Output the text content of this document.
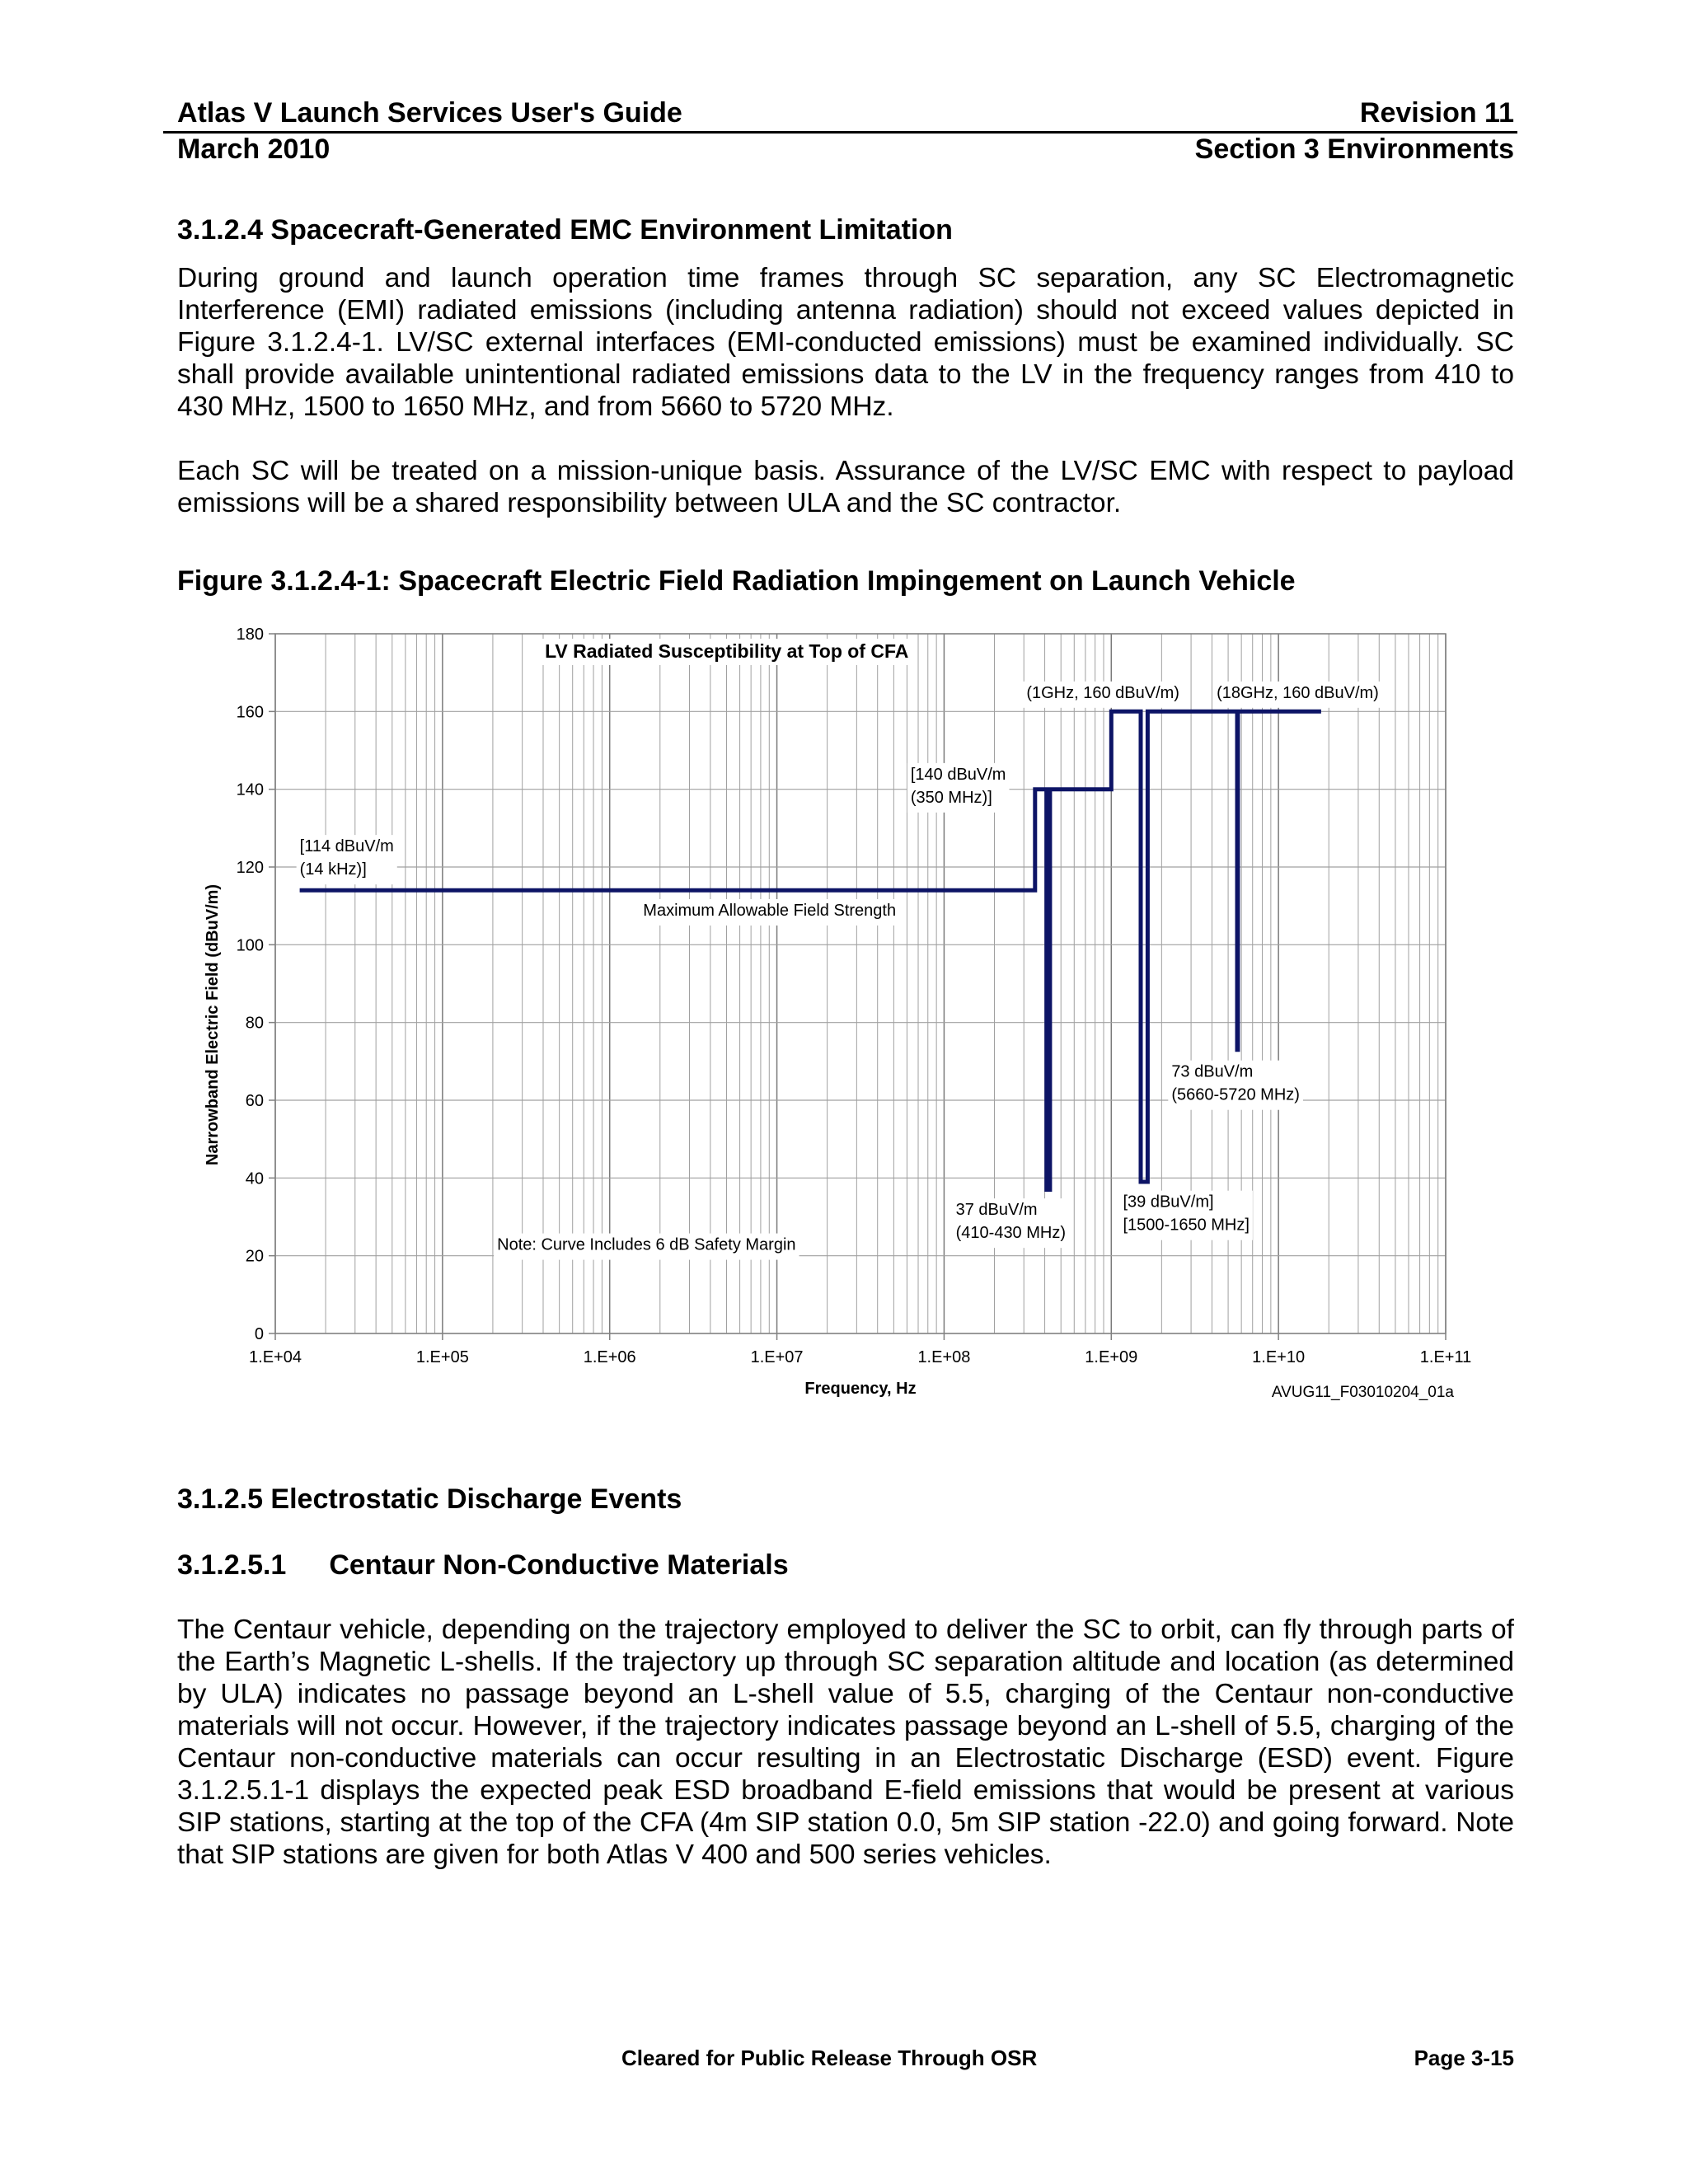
Atlas V Launch Services User's Guide	Revision 11
March 2010	Section 3 Environments
3.1.2.4 Spacecraft-Generated EMC Environment Limitation
During ground and launch operation time frames through SC separation, any SC Electromagnetic Interference (EMI) radiated emissions (including antenna radiation) should not exceed values depicted in Figure 3.1.2.4-1. LV/SC external interfaces (EMI-conducted emissions) must be examined individually. SC shall provide available unintentional radiated emissions data to the LV in the frequency ranges from 410 to 430 MHz, 1500 to 1650 MHz, and from 5660 to 5720 MHz.
Each SC will be treated on a mission-unique basis. Assurance of the LV/SC EMC with respect to payload emissions will be a shared responsibility between ULA and the SC contractor.
Figure 3.1.2.4-1: Spacecraft Electric Field Radiation Impingement on Launch Vehicle
0
20
40
60
80
100
120
140
160
180
1.E+04	1.E+05	1.E+06	1.E+07	1.E+08	1.E+09	1.E+10	1.E+11
Frequency, Hz
Narrowband Electric Field (dBuV/m)
LV Radiated Susceptibility at Top of CFA
[114 dBuV/m
(14 kHz)]
Maximum Allowable Field Strength
[140 dBuV/m
(350 MHz)]
(1GHz, 160 dBuV/m) (18GHz, 160 dBuV/m)
73 dBuV/m
(5660-5720 MHz)
37 dBuV/m
(410-430 MHz)
[39 dBuV/m]
[1500-1650 MHz]
Note: Curve Includes 6 dB Safety Margin
AVUG11_F03010204_01a
3.1.2.5 Electrostatic Discharge Events
3.1.2.5.1 Centaur Non-Conductive Materials
The Centaur vehicle, depending on the trajectory employed to deliver the SC to orbit, can fly through parts of the Earth’s Magnetic L-shells. If the trajectory up through SC separation altitude and location (as determined by ULA) indicates no passage beyond an L-shell value of 5.5, charging of the Centaur non-conductive materials will not occur. However, if the trajectory indicates passage beyond an L-shell of 5.5, charging of the Centaur non-conductive materials can occur resulting in an Electrostatic Discharge (ESD) event. Figure 3.1.2.5.1-1 displays the expected peak ESD broadband E-field emissions that would be present at various SIP stations, starting at the top of the CFA (4m SIP station 0.0, 5m SIP station -22.0) and going forward. Note that SIP stations are given for both Atlas V 400 and 500 series vehicles.
Cleared for Public Release Through OSR	Page 3-15
